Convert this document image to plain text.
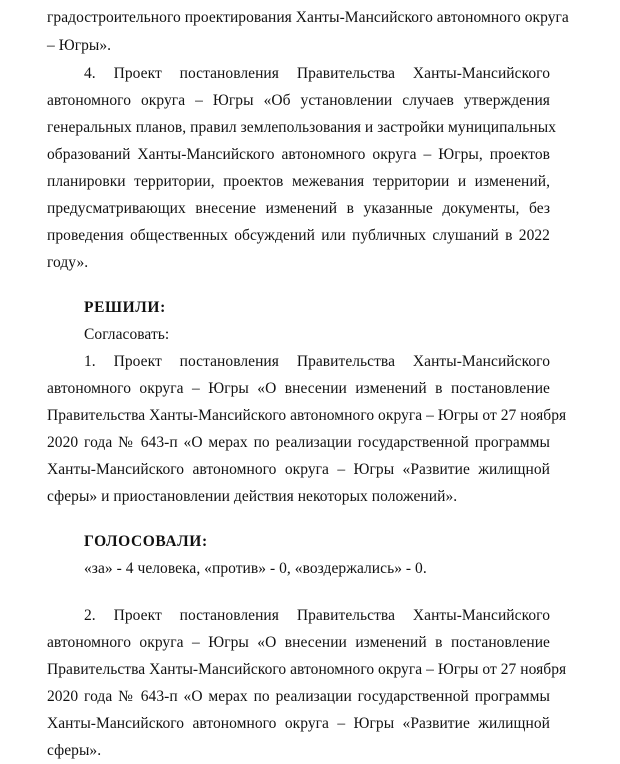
градостроительного проектирования Ханты-Мансийского автономного округа
– Югры».
4. Проект постановления Правительства Ханты-Мансийского
автономного округа – Югры «Об установлении случаев утверждения
генеральных планов, правил землепользования и застройки муниципальных
образований Ханты-Мансийского автономного округа – Югры, проектов
планировки территории, проектов межевания территории и изменений,
предусматривающих внесение изменений в указанные документы, без
проведения общественных обсуждений или публичных слушаний в 2022
году».
РЕШИЛИ:
Согласовать:
1. Проект постановления Правительства Ханты-Мансийского
автономного округа – Югры «О внесении изменений в постановление
Правительства Ханты-Мансийского автономного округа – Югры от 27 ноября
2020 года № 643-п «О мерах по реализации государственной программы
Ханты-Мансийского автономного округа – Югры «Развитие жилищной
сферы» и приостановлении действия некоторых положений».
ГОЛОСОВАЛИ:
«за» - 4 человека, «против» - 0, «воздержались» - 0.
2. Проект постановления Правительства Ханты-Мансийского
автономного округа – Югры «О внесении изменений в постановление
Правительства Ханты-Мансийского автономного округа – Югры от 27 ноября
2020 года № 643-п «О мерах по реализации государственной программы
Ханты-Мансийского автономного округа – Югры «Развитие жилищной
сферы».
